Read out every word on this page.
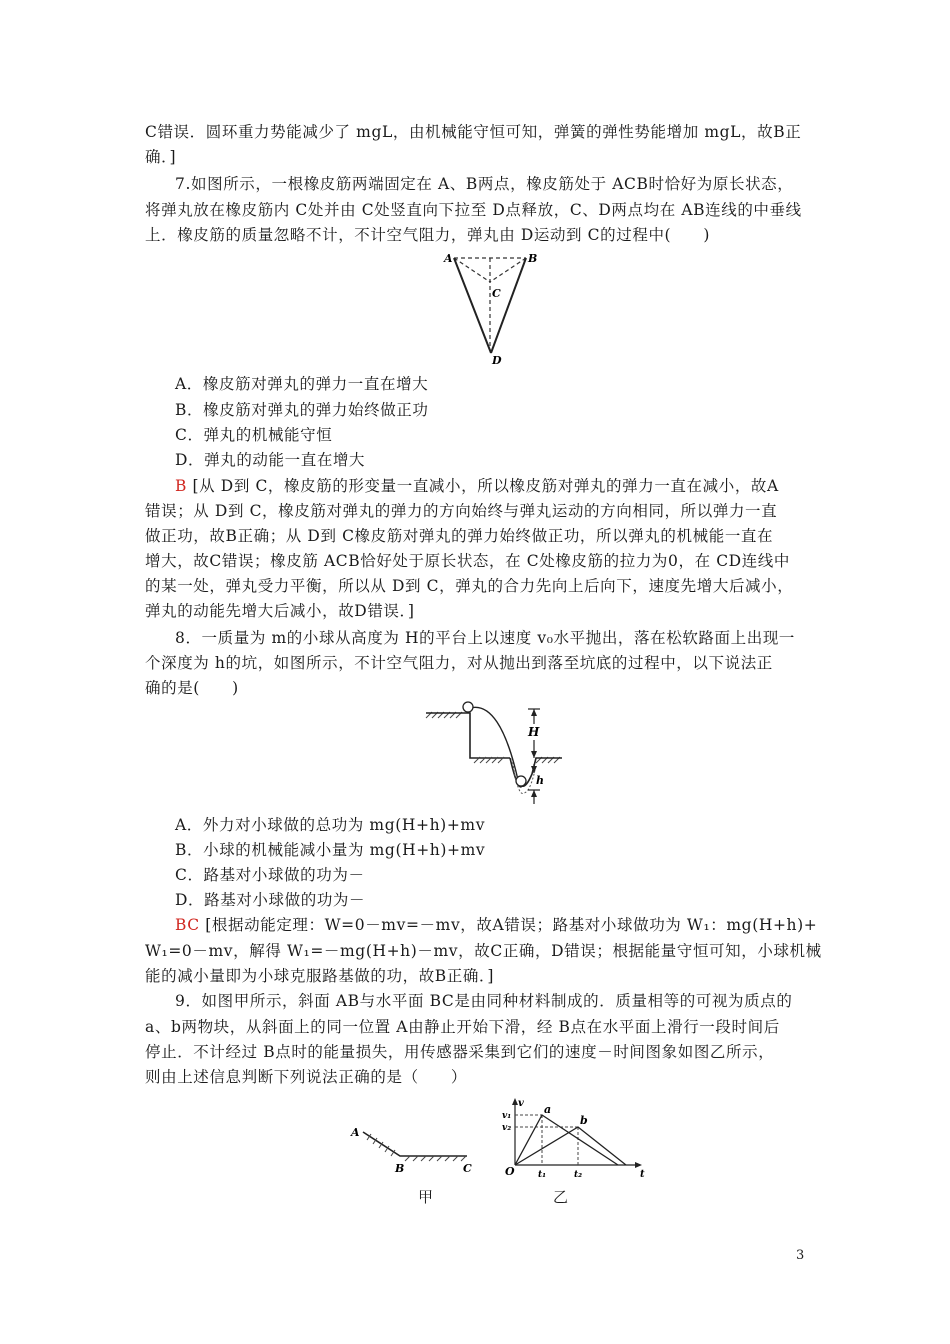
C错误．圆环重力势能减少了 mgL，由机械能守恒可知，弹簧的弹性势能增加 mgL，故B正
确．]
7.如图所示，一根橡皮筋两端固定在 A、B两点，橡皮筋处于 ACB时恰好为原长状态，
将弹丸放在橡皮筋内 C处并由 C处竖直向下拉至 D点释放，C、D两点均在 AB连线的中垂线
上．橡皮筋的质量忽略不计，不计空气阻力，弹丸由 D运动到 C的过程中(　　)
A	B
C
D
A．橡皮筋对弹丸的弹力一直在增大
B．橡皮筋对弹丸的弹力始终做正功
C．弹丸的机械能守恒
D．弹丸的动能一直在增大
B [从 D到 C，橡皮筋的形变量一直减小，所以橡皮筋对弹丸的弹力一直在减小，故A
错误；从 D到 C，橡皮筋对弹丸的弹力的方向始终与弹丸运动的方向相同，所以弹力一直
做正功，故B正确；从 D到 C橡皮筋对弹丸的弹力始终做正功，所以弹丸的机械能一直在
增大，故C错误；橡皮筋 ACB恰好处于原长状态，在 C处橡皮筋的拉力为0，在 CD连线中
的某一处，弹丸受力平衡，所以从 D到 C，弹丸的合力先向上后向下，速度先增大后减小，
弹丸的动能先增大后减小，故D错误．]
8．一质量为 m的小球从高度为 H的平台上以速度 v₀水平抛出，落在松软路面上出现一
个深度为 h的坑，如图所示，不计空气阻力，对从抛出到落至坑底的过程中，以下说法正
确的是(　　)
H
h
A．外力对小球做的总功为 mg(H+h)+mv
B．小球的机械能减小量为 mg(H+h)+mv
C．路基对小球做的功为－
D．路基对小球做的功为－
BC [根据动能定理：W=0－mv=－mv，故A错误；路基对小球做功为 W₁：mg(H+h)+
W₁=0－mv，解得 W₁=－mg(H+h)－mv，故C正确，D错误；根据能量守恒可知，小球机械
能的减小量即为小球克服路基做的功，故B正确．]
9．如图甲所示，斜面 AB与水平面 BC是由同种材料制成的．质量相等的可视为质点的
a、b两物块，从斜面上的同一位置 A由静止开始下滑，经 B点在水平面上滑行一段时间后
停止．不计经过 B点时的能量损失，用传感器采集到它们的速度－时间图象如图乙所示，
则由上述信息判断下列说法正确的是（　　）
A
B	C
v
v₁
v₂
a
b
O	t₁	t₂	t
甲	乙
3
